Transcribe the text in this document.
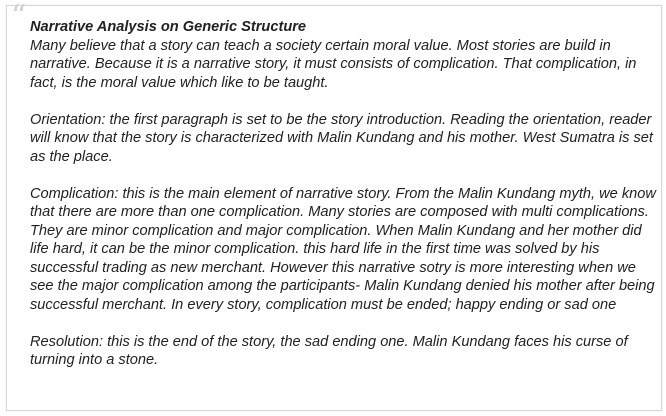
“ Narrative Analysis on Generic Structure

Many believe that a story can teach a society certain moral value. Most stories are build in narrative. Because it is a narrative story, it must consists of complication. That complication, in fact, is the moral value which like to be taught.

Orientation: the first paragraph is set to be the story introduction. Reading the orientation, reader will know that the story is characterized with Malin Kundang and his mother. West Sumatra is set as the place.

Complication: this is the main element of narrative story. From the Malin Kundang myth, we know that there are more than one complication. Many stories are composed with multi complications. They are minor complication and major complication. When Malin Kundang and her mother did life hard, it can be the minor complication. this hard life in the first time was solved by his successful trading as new merchant. However this narrative sotry is more interesting when we see the major complication among the participants- Malin Kundang denied his mother after being successful merchant. In every story, complication must be ended; happy ending or sad one

Resolution: this is the end of the story, the sad ending one. Malin Kundang faces his curse of turning into a stone.
